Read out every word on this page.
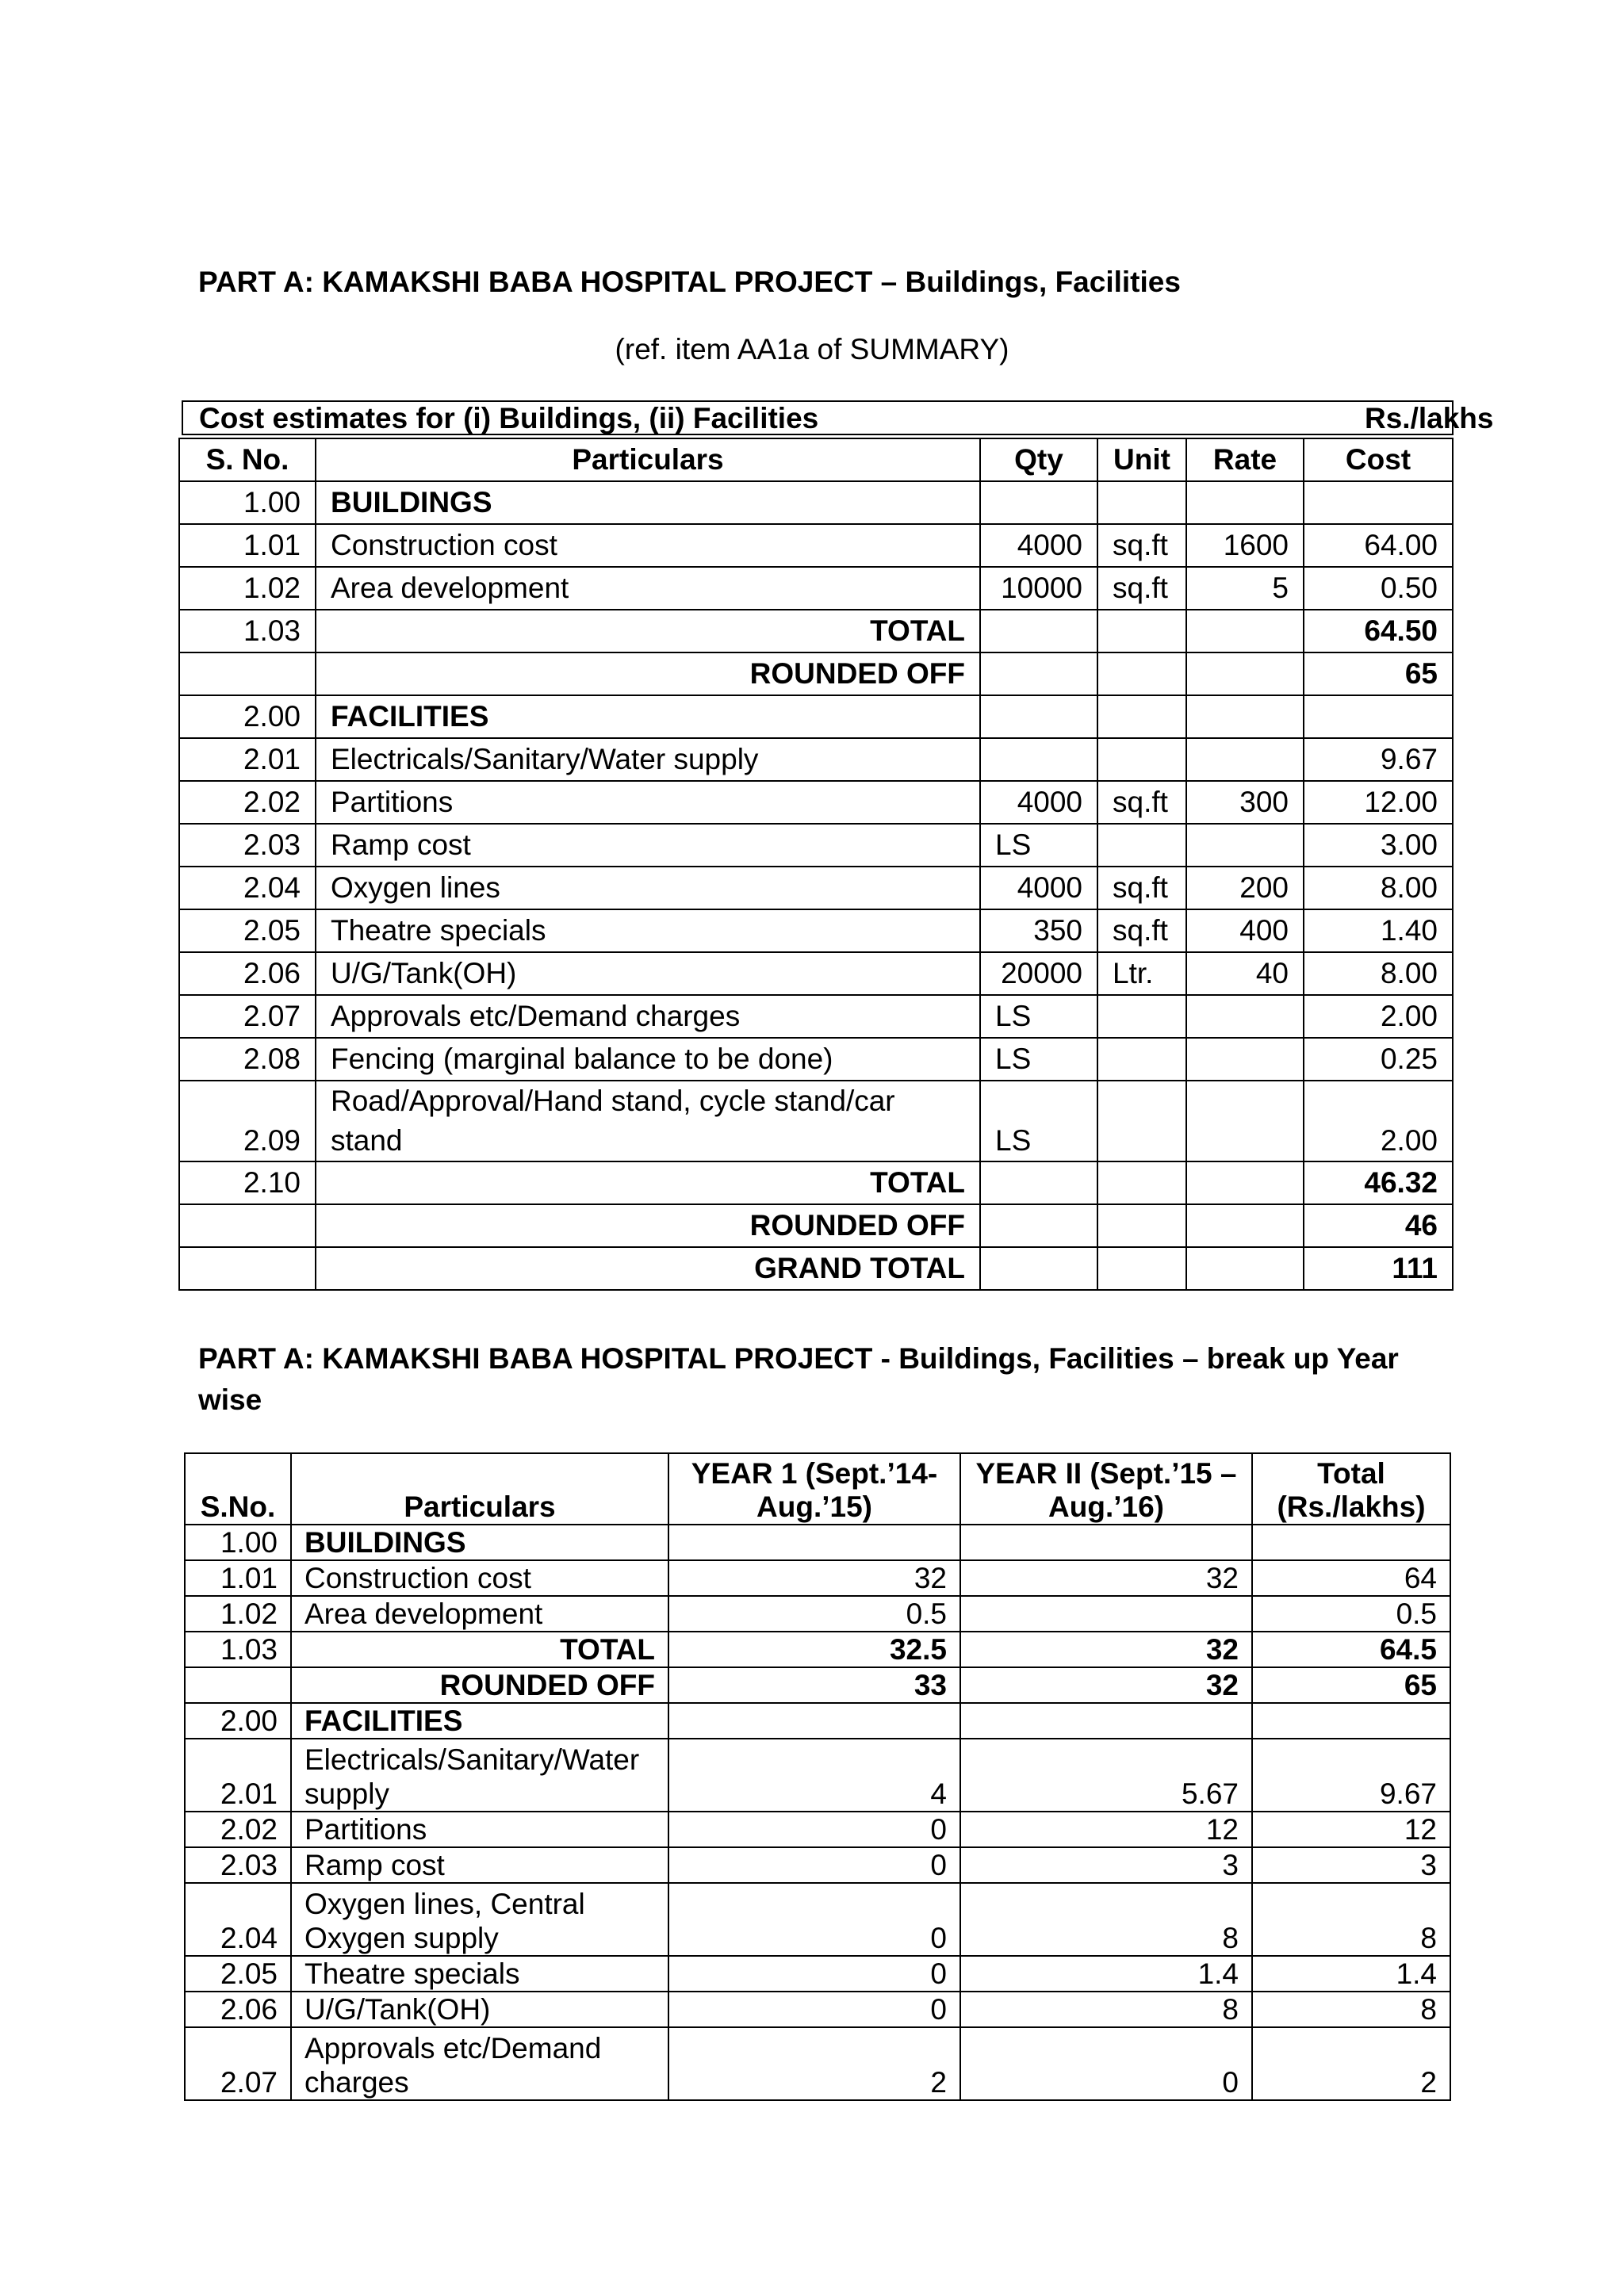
PART A: KAMAKSHI BABA HOSPITAL PROJECT – Buildings, Facilities
(ref. item AA1a of SUMMARY)
Cost estimates for (i) Buildings, (ii) Facilities	Rs./lakhs
S. No.	Particulars	Qty	Unit	Rate	Cost
1.00	BUILDINGS				
1.01	Construction cost	4000	sq.ft	1600	64.00
1.02	Area development	10000	sq.ft	5	0.50
1.03	TOTAL				64.50
	ROUNDED OFF				65
2.00	FACILITIES				
2.01	Electricals/Sanitary/Water supply				9.67
2.02	Partitions	4000	sq.ft	300	12.00
2.03	Ramp cost	LS			3.00
2.04	Oxygen lines	4000	sq.ft	200	8.00
2.05	Theatre specials	350	sq.ft	400	1.40
2.06	U/G/Tank(OH)	20000	Ltr.	40	8.00
2.07	Approvals etc/Demand charges	LS			2.00
2.08	Fencing (marginal balance to be done)	LS			0.25
2.09	Road/Approval/Hand stand, cycle stand/car stand	LS			2.00
2.10	TOTAL				46.32
	ROUNDED OFF				46
	GRAND TOTAL				111
PART A: KAMAKSHI BABA HOSPITAL PROJECT - Buildings, Facilities – break up Year wise
S.No.	Particulars	YEAR 1 (Sept.’14-Aug.’15)	YEAR II (Sept.’15 – Aug.’16)	Total (Rs./lakhs)
1.00	BUILDINGS			
1.01	Construction cost	32	32	64
1.02	Area development	0.5		0.5
1.03	TOTAL	32.5	32	64.5
	ROUNDED OFF	33	32	65
2.00	FACILITIES			
2.01	Electricals/Sanitary/Water supply	4	5.67	9.67
2.02	Partitions	0	12	12
2.03	Ramp cost	0	3	3
2.04	Oxygen lines, Central Oxygen supply	0	8	8
2.05	Theatre specials	0	1.4	1.4
2.06	U/G/Tank(OH)	0	8	8
2.07	Approvals etc/Demand charges	2	0	2
